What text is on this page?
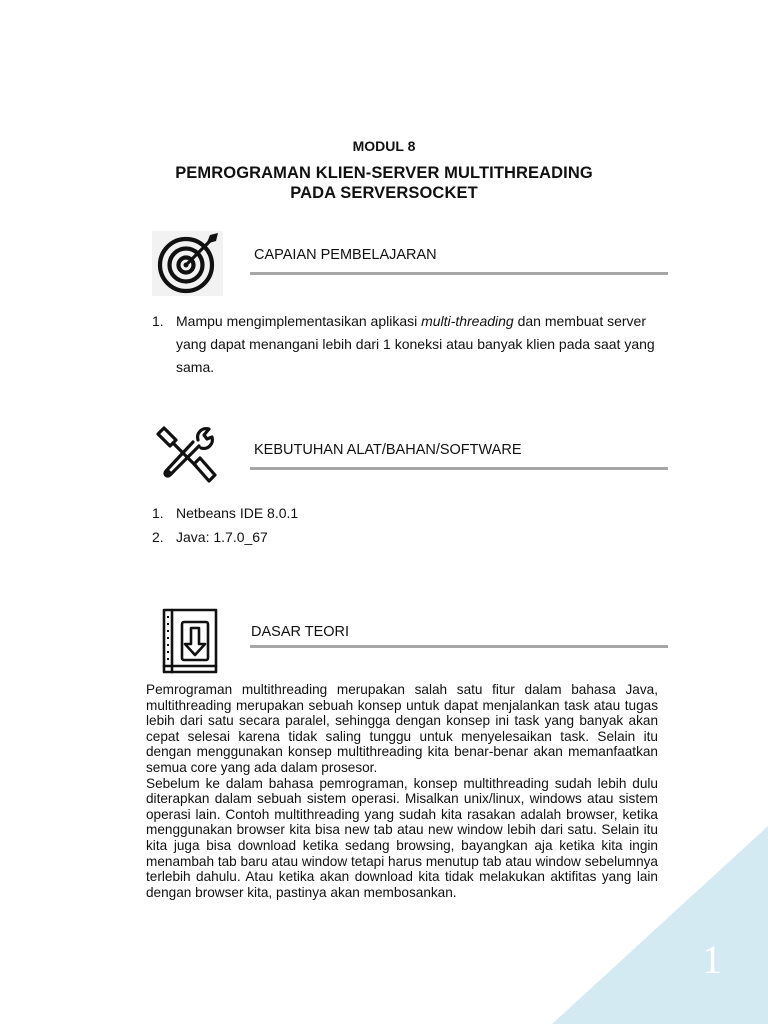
MODUL 8
PEMROGRAMAN KLIEN-SERVER MULTITHREADING
PADA SERVERSOCKET
CAPAIAN PEMBELAJARAN
1. Mampu mengimplementasikan aplikasi multi-threading dan membuat server yang dapat menangani lebih dari 1 koneksi atau banyak klien pada saat yang sama.
KEBUTUHAN ALAT/BAHAN/SOFTWARE
1. Netbeans IDE 8.0.1
2. Java: 1.7.0_67
DASAR TEORI

Pemrograman multithreading merupakan salah satu fitur dalam bahasa Java, multithreading merupakan sebuah konsep untuk dapat menjalankan task atau tugas lebih dari satu secara paralel, sehingga dengan konsep ini task yang banyak akan cepat selesai karena tidak saling tunggu untuk menyelesaikan task. Selain itu dengan menggunakan konsep multithreading kita benar-benar akan memanfaatkan semua core yang ada dalam prosesor.

Sebelum ke dalam bahasa pemrograman, konsep multithreading sudah lebih dulu diterapkan dalam sebuah sistem operasi. Misalkan unix/linux, windows atau sistem operasi lain. Contoh multithreading yang sudah kita rasakan adalah browser, ketika menggunakan browser kita bisa new tab atau new window lebih dari satu. Selain itu kita juga bisa download ketika sedang browsing, bayangkan aja ketika kita ingin menambah tab baru atau window tetapi harus menutup tab atau window sebelumnya terlebih dahulu. Atau ketika akan download kita tidak melakukan aktifitas yang lain dengan browser kita, pastinya akan membosankan.

1
